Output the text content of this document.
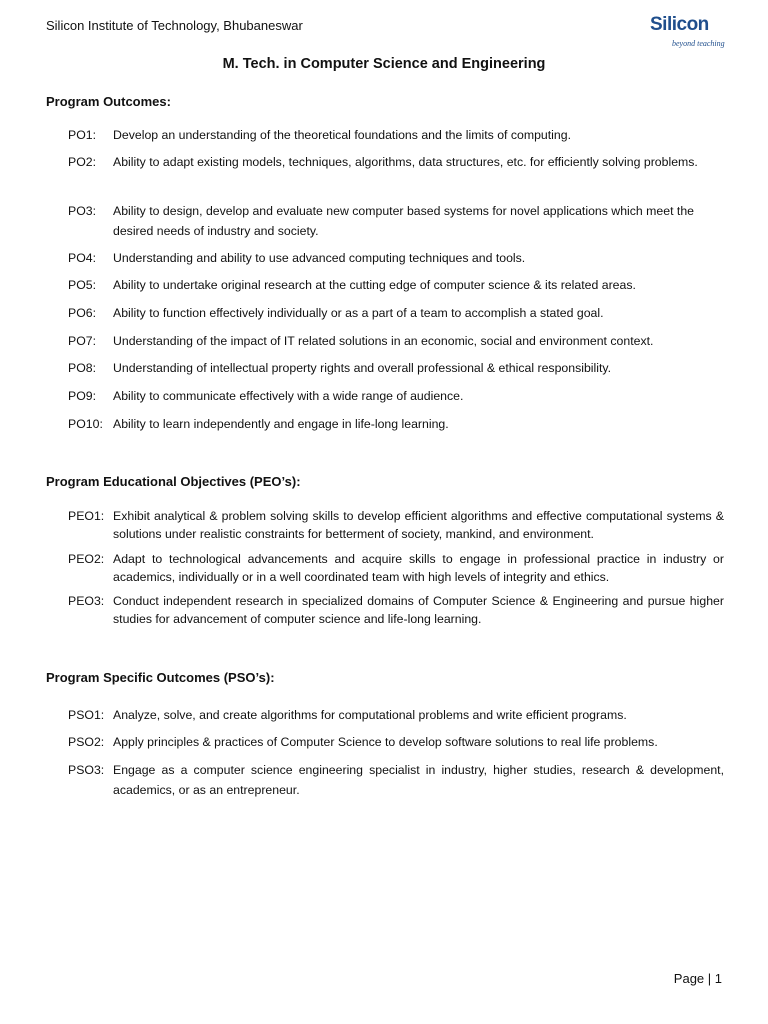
Silicon Institute of Technology, Bhubaneswar	Silicon
beyond teaching
M. Tech. in Computer Science and Engineering
Program Outcomes:
PO1:	Develop an understanding of the theoretical foundations and the limits of computing.
PO2:	Ability to adapt existing models, techniques, algorithms, data structures, etc. for efficiently solving problems.
PO3:	Ability to design, develop and evaluate new computer based systems for novel applications which meet the desired needs of industry and society.
PO4:	Understanding and ability to use advanced computing techniques and tools.
PO5:	Ability to undertake original research at the cutting edge of computer science & its related areas.
PO6:	Ability to function effectively individually or as a part of a team to accomplish a stated goal.
PO7:	Understanding of the impact of IT related solutions in an economic, social and environment context.
PO8:	Understanding of intellectual property rights and overall professional & ethical responsibility.
PO9:	Ability to communicate effectively with a wide range of audience.
PO10: Ability to learn independently and engage in life-long learning.
Program Educational Objectives (PEO’s):
PEO1: Exhibit analytical & problem solving skills to develop efficient algorithms and effective computational systems & solutions under realistic constraints for betterment of society, mankind, and environment.
PEO2: Adapt to technological advancements and acquire skills to engage in professional practice in industry or academics, individually or in a well coordinated team with high levels of integrity and ethics.
PEO3: Conduct independent research in specialized domains of Computer Science & Engineering and pursue higher studies for advancement of computer science and life-long learning.
Program Specific Outcomes (PSO’s):
PSO1: Analyze, solve, and create algorithms for computational problems and write efficient programs.
PSO2: Apply principles & practices of Computer Science to develop software solutions to real life problems.
PSO3: Engage as a computer science engineering specialist in industry, higher studies, research & development, academics, or as an entrepreneur.
Page | 1
